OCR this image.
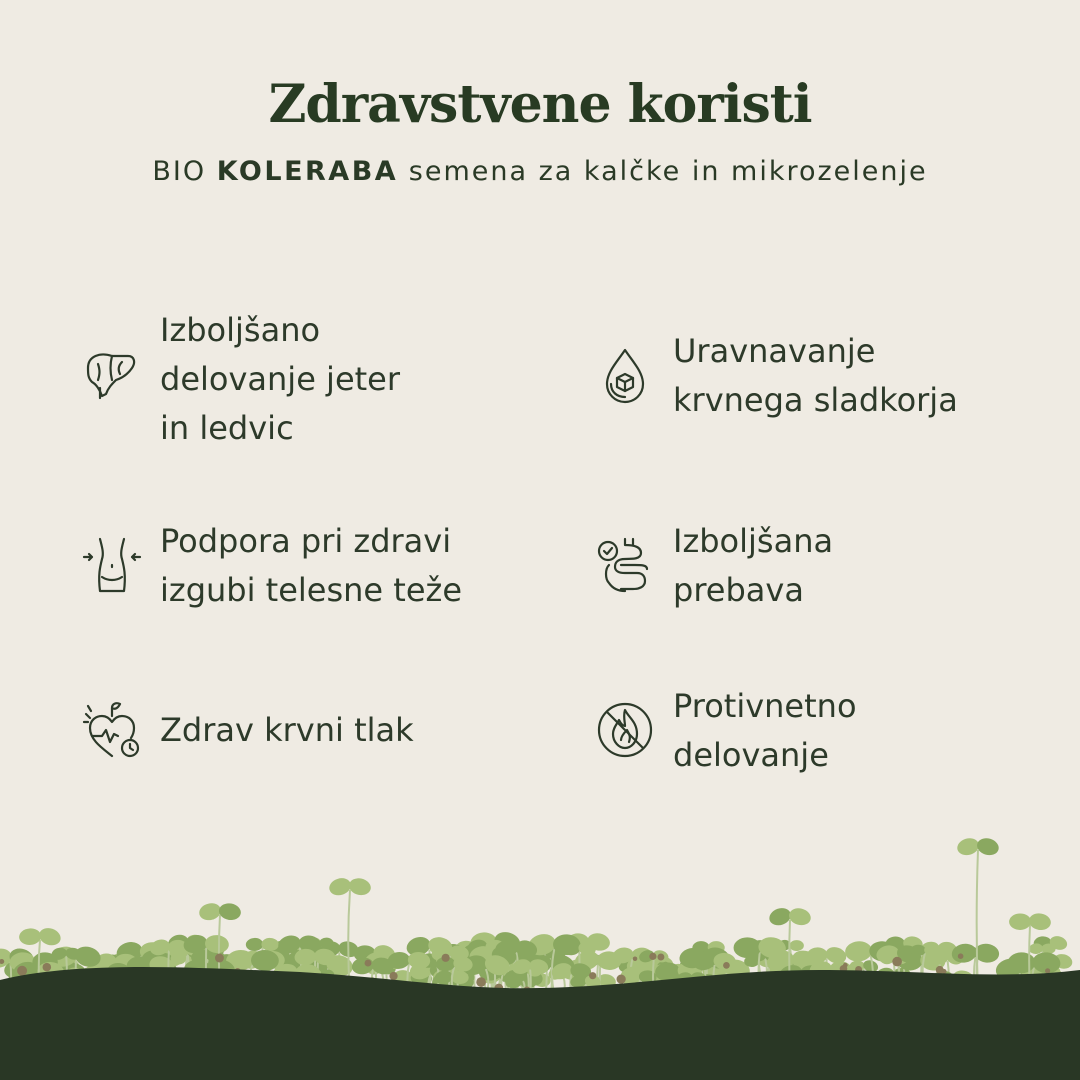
Zdravstvene koristi
BIO KOLERABA semena za kalčke in mikrozelenje
Izboljšano
delovanje jeter
in ledvic
Uravnavanje
krvnega sladkorja
Podpora pri zdravi
izgubi telesne teže
Izboljšana
prebava
Zdrav krvni tlak
Protivnetno
delovanje
